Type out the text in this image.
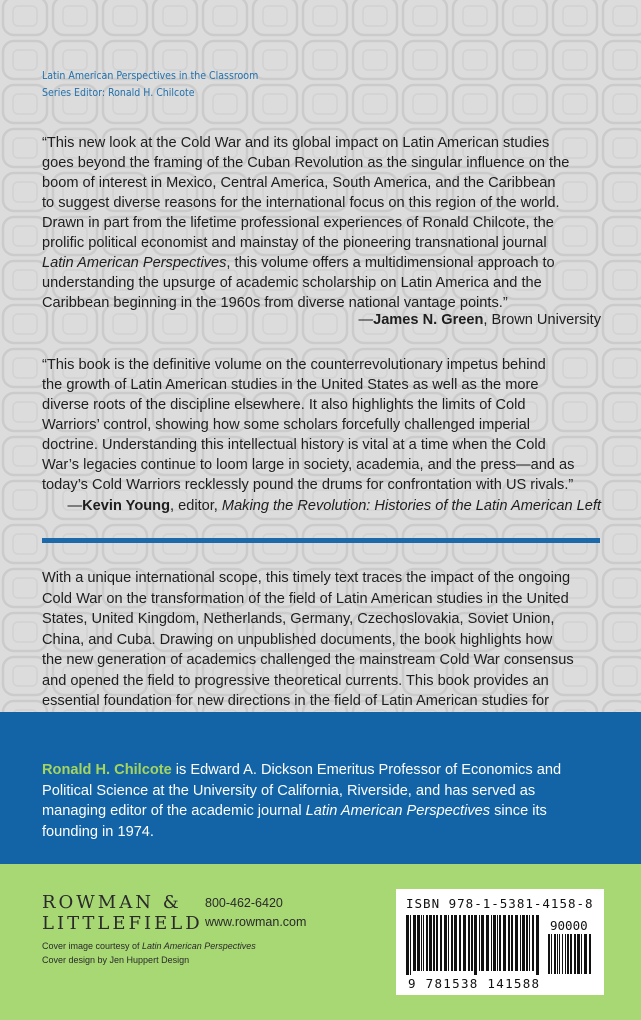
Latin American Perspectives in the Classroom
Series Editor: Ronald H. Chilcote
“This new look at the Cold War and its global impact on Latin American studies
goes beyond the framing of the Cuban Revolution as the singular influence on the
boom of interest in Mexico, Central America, South America, and the Caribbean
to suggest diverse reasons for the international focus on this region of the world.
Drawn in part from the lifetime professional experiences of Ronald Chilcote, the
prolific political economist and mainstay of the pioneering transnational journal
Latin American Perspectives, this volume offers a multidimensional approach to
understanding the upsurge of academic scholarship on Latin America and the
Caribbean beginning in the 1960s from diverse national vantage points.”
—James N. Green, Brown University
“This book is the definitive volume on the counterrevolutionary impetus behind
the growth of Latin American studies in the United States as well as the more
diverse roots of the discipline elsewhere. It also highlights the limits of Cold
Warriors’ control, showing how some scholars forcefully challenged imperial
doctrine. Understanding this intellectual history is vital at a time when the Cold
War’s legacies continue to loom large in society, academia, and the press—and as
today’s Cold Warriors recklessly pound the drums for confrontation with US rivals.”
—Kevin Young, editor, Making the Revolution: Histories of the Latin American Left
With a unique international scope, this timely text traces the impact of the ongoing
Cold War on the transformation of the field of Latin American studies in the United
States, United Kingdom, Netherlands, Germany, Czechoslovakia, Soviet Union,
China, and Cuba. Drawing on unpublished documents, the book highlights how
the new generation of academics challenged the mainstream Cold War consensus
and opened the field to progressive theoretical currents. This book provides an
essential foundation for new directions in the field of Latin American studies for
Ronald H. Chilcote is Edward A. Dickson Emeritus Professor of Economics and
Political Science at the University of California, Riverside, and has served as
managing editor of the academic journal Latin American Perspectives since its
founding in 1974.
ROWMAN &
LITTLEFIELD
800-462-6420
www.rowman.com
Cover image courtesy of Latin American Perspectives
Cover design by Jen Huppert Design
ISBN 978-1-5381-4158-8
90000
9 781538 141588
